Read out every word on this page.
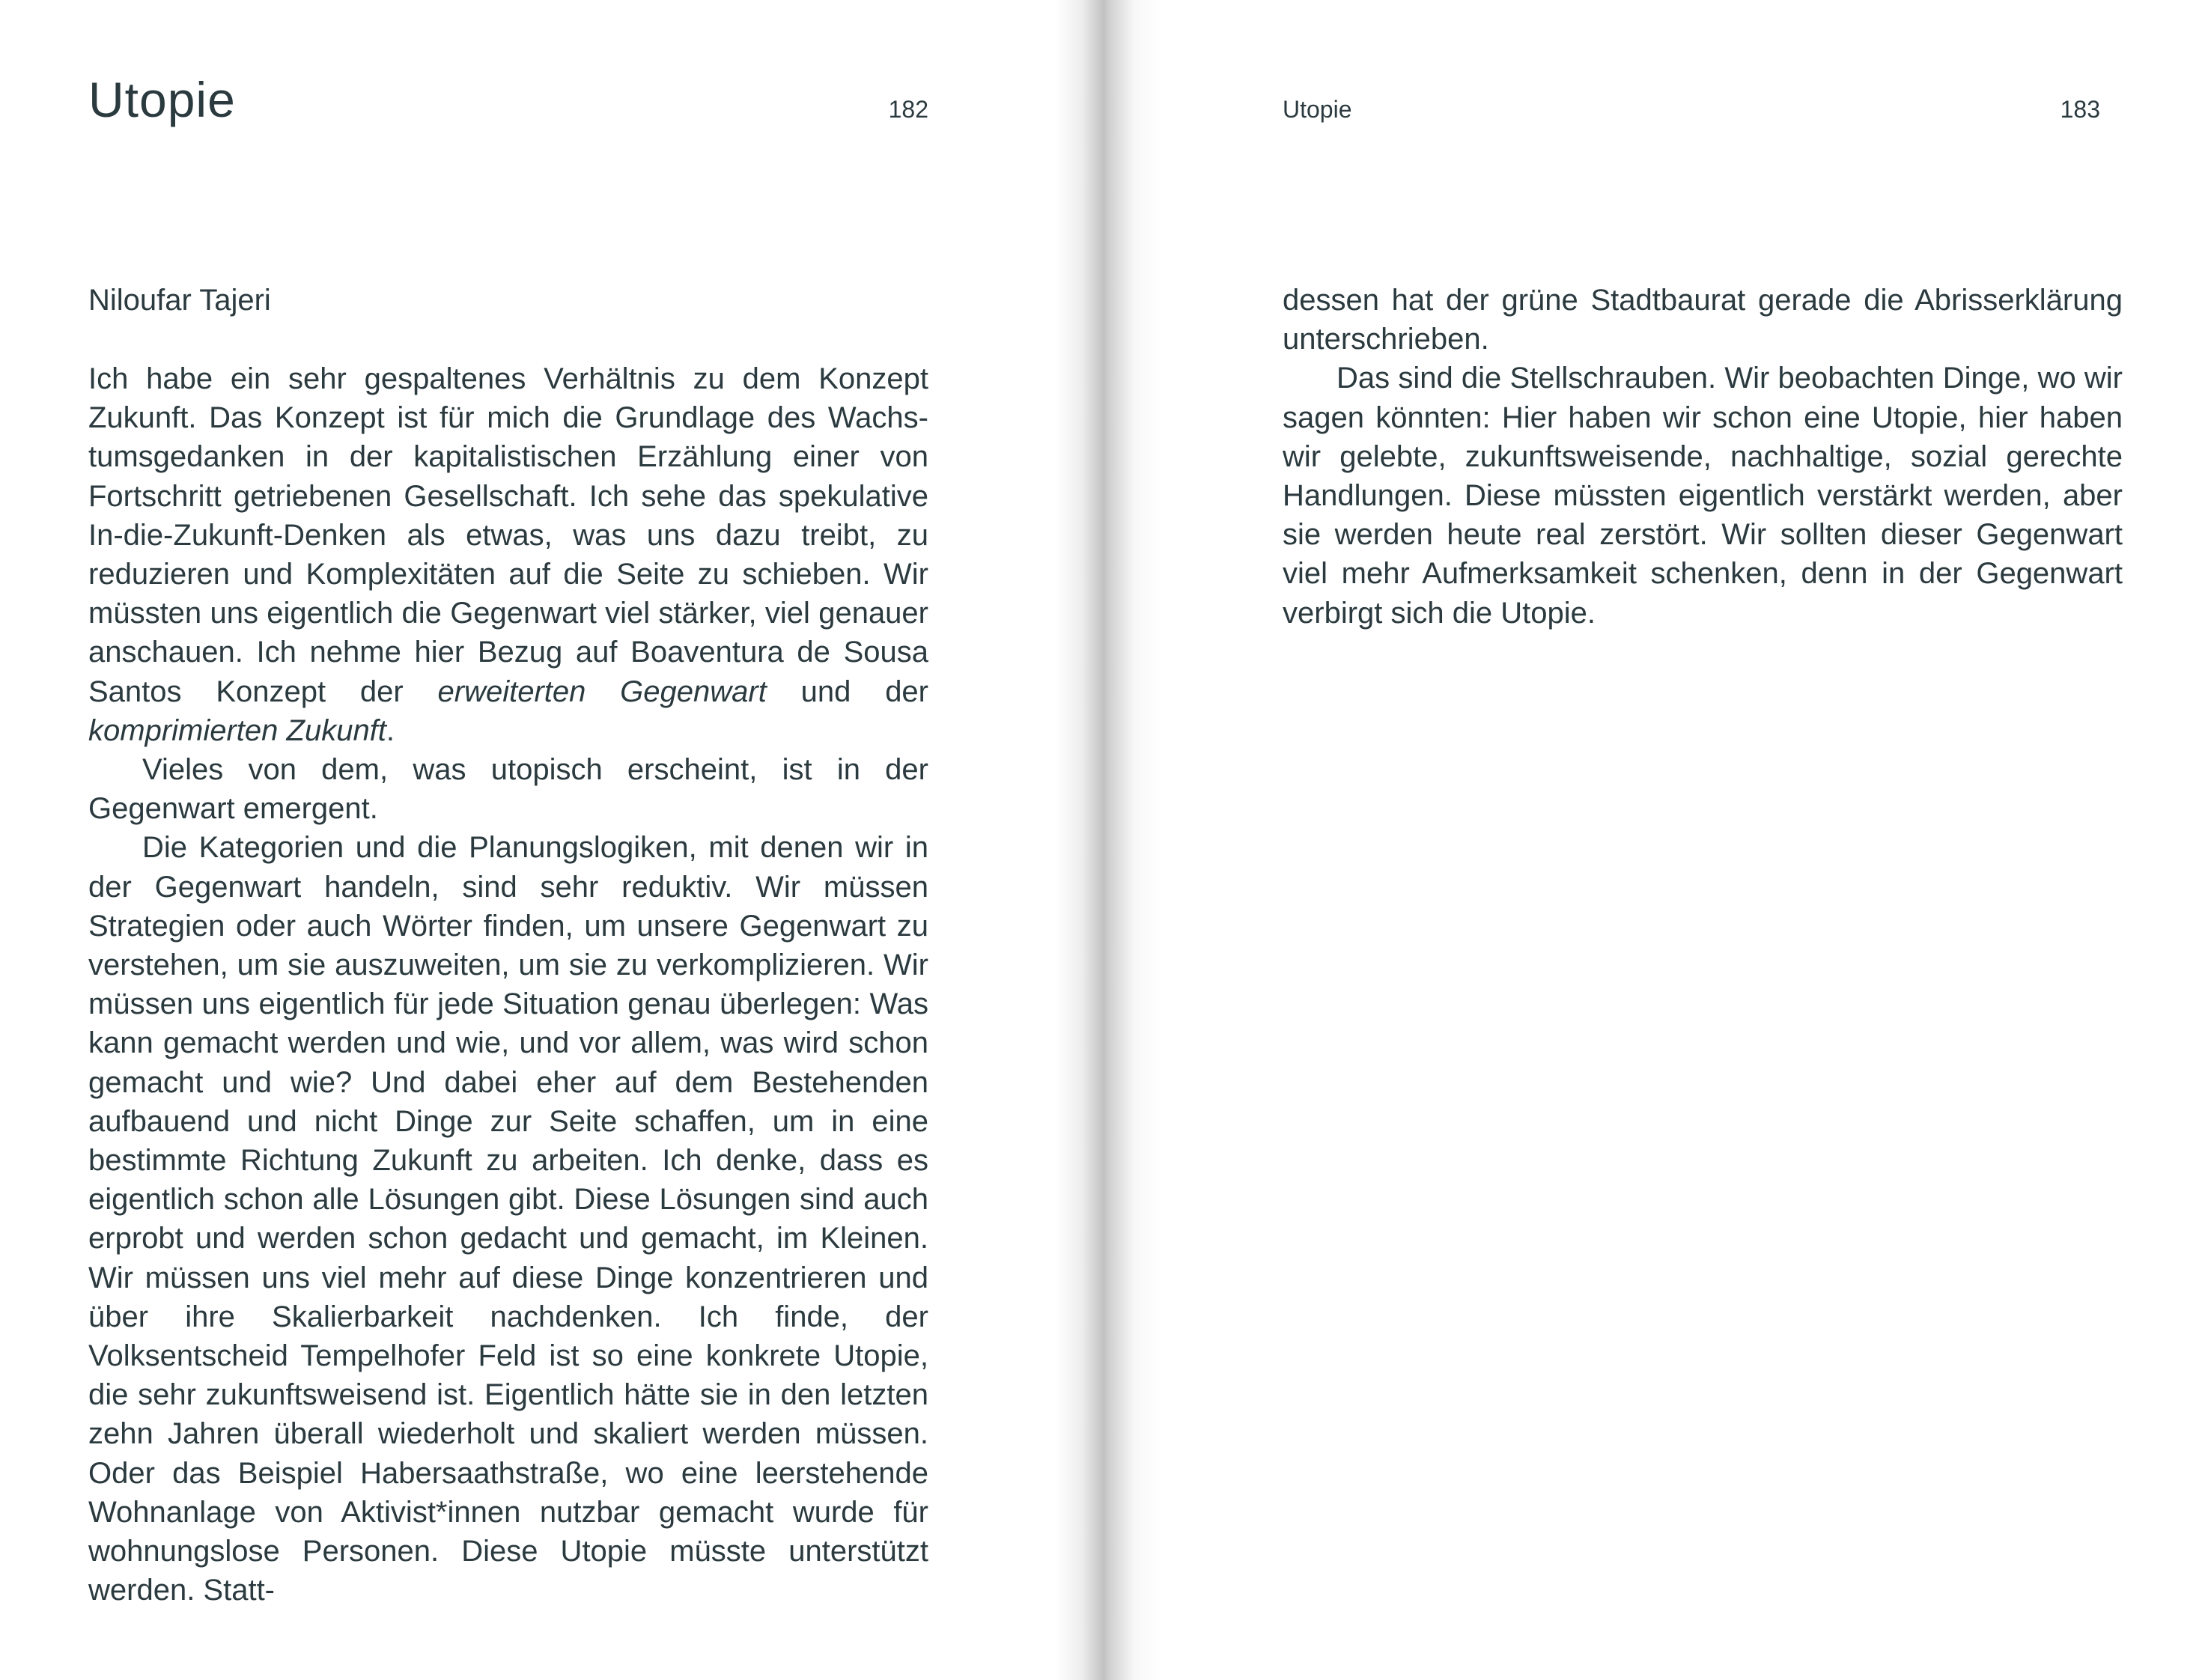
Utopie	182
Niloufar Tajeri

Ich habe ein sehr gespaltenes Verhältnis zu dem Konzept Zukunft. Das Konzept ist für mich die Grundlage des Wachstumsgedanken in der kapitalistischen Erzählung einer von Fortschritt getriebenen Gesellschaft. Ich sehe das spekulative In-die-Zukunft-Denken als etwas, was uns dazu treibt, zu reduzieren und Komplexitäten auf die Seite zu schieben. Wir müssten uns eigentlich die Gegenwart viel stärker, viel genauer anschauen. Ich nehme hier Bezug auf Boaventura de Sousa Santos Konzept der erweiterten Gegenwart und der komprimierten Zukunft.

Vieles von dem, was utopisch erscheint, ist in der Gegenwart emergent.

Die Kategorien und die Planungslogiken, mit denen wir in der Gegenwart handeln, sind sehr reduktiv. Wir müssen Strategien oder auch Wörter finden, um unsere Gegenwart zu verstehen, um sie auszuweiten, um sie zu verkomplizieren. Wir müssen uns eigentlich für jede Situation genau überlegen: Was kann gemacht werden und wie, und vor allem, was wird schon gemacht und wie? Und dabei eher auf dem Bestehenden aufbauend und nicht Dinge zur Seite schaffen, um in eine bestimmte Richtung Zukunft zu arbeiten. Ich denke, dass es eigentlich schon alle Lösungen gibt. Diese Lösungen sind auch erprobt und werden schon gedacht und gemacht, im Kleinen. Wir müssen uns viel mehr auf diese Dinge konzentrieren und über ihre Skalierbarkeit nachdenken. Ich finde, der Volksentscheid Tempelhofer Feld ist so eine konkrete Utopie, die sehr zukunftsweisend ist. Eigentlich hätte sie in den letzten zehn Jahren überall wiederholt und skaliert werden müssen. Oder das Beispiel Habersaathstraße, wo eine leerstehende Wohnanlage von Aktivist*innen nutzbar gemacht wurde für wohnungslose Personen. Diese Utopie müsste unterstützt werden. Statt-

Utopie	183

dessen hat der grüne Stadtbaurat gerade die Abrisserklärung unterschrieben.

Das sind die Stellschrauben. Wir beobachten Dinge, wo wir sagen könnten: Hier haben wir schon eine Utopie, hier haben wir gelebte, zukunftsweisende, nachhaltige, sozial gerechte Handlungen. Diese müssten eigentlich verstärkt werden, aber sie werden heute real zerstört. Wir sollten dieser Gegenwart viel mehr Aufmerksamkeit schenken, denn in der Gegenwart verbirgt sich die Utopie.
